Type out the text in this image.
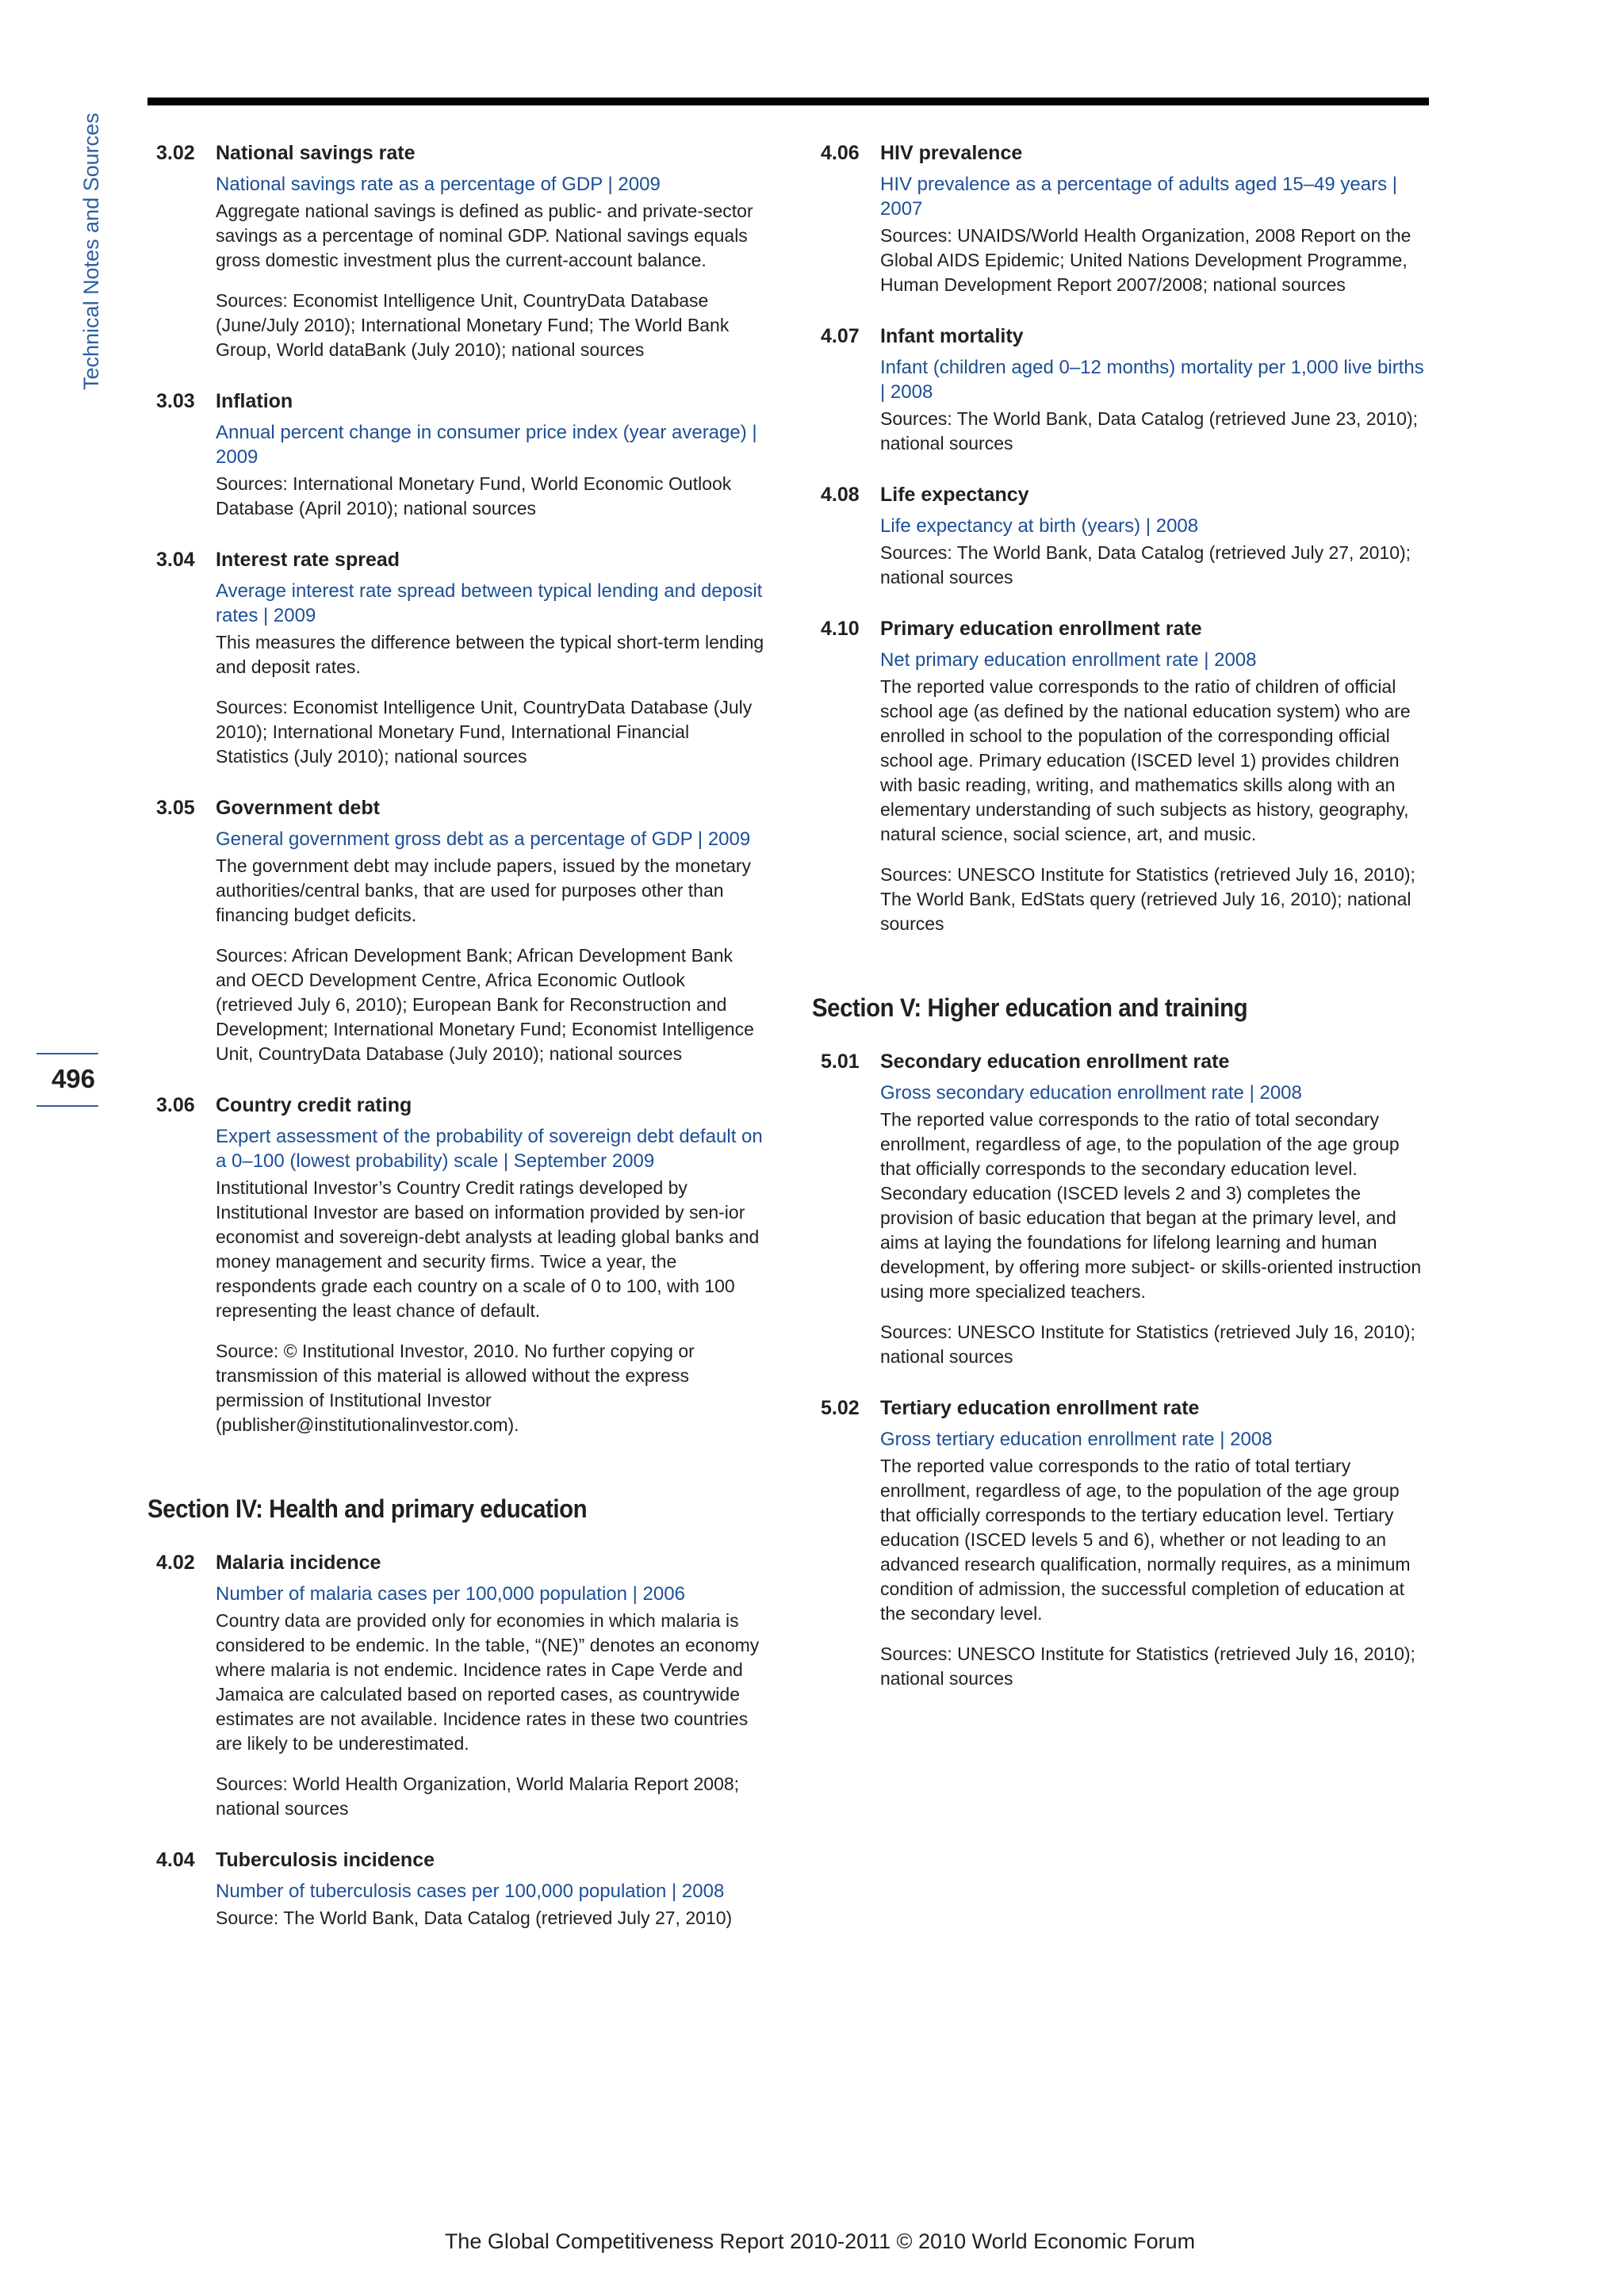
Technical Notes and Sources
496
3.02 National savings rate
National savings rate as a percentage of GDP | 2009
Aggregate national savings is defined as public- and private-sector savings as a percentage of nominal GDP. National savings equals gross domestic investment plus the current-account balance.
Sources: Economist Intelligence Unit, CountryData Database (June/July 2010); International Monetary Fund; The World Bank Group, World dataBank (July 2010); national sources
3.03 Inflation
Annual percent change in consumer price index (year average) | 2009
Sources: International Monetary Fund, World Economic Outlook Database (April 2010); national sources
3.04 Interest rate spread
Average interest rate spread between typical lending and deposit rates | 2009
This measures the difference between the typical short-term lending and deposit rates.
Sources: Economist Intelligence Unit, CountryData Database (July 2010); International Monetary Fund, International Financial Statistics (July 2010); national sources
3.05 Government debt
General government gross debt as a percentage of GDP | 2009
The government debt may include papers, issued by the monetary authorities/central banks, that are used for purposes other than financing budget deficits.
Sources: African Development Bank; African Development Bank and OECD Development Centre, Africa Economic Outlook (retrieved July 6, 2010); European Bank for Reconstruction and Development; International Monetary Fund; Economist Intelligence Unit, CountryData Database (July 2010); national sources
3.06 Country credit rating
Expert assessment of the probability of sovereign debt default on a 0–100 (lowest probability) scale | September 2009
Institutional Investor’s Country Credit ratings developed by Institutional Investor are based on information provided by sen-ior economist and sovereign-debt analysts at leading global banks and money management and security firms. Twice a year, the respondents grade each country on a scale of 0 to 100, with 100 representing the least chance of default.
Source: © Institutional Investor, 2010. No further copying or transmission of this material is allowed without the express permission of Institutional Investor (publisher@institutionalinvestor.com).
Section IV: Health and primary education
4.02 Malaria incidence
Number of malaria cases per 100,000 population | 2006
Country data are provided only for economies in which malaria is considered to be endemic. In the table, “(NE)” denotes an economy where malaria is not endemic. Incidence rates in Cape Verde and Jamaica are calculated based on reported cases, as countrywide estimates are not available. Incidence rates in these two countries are likely to be underestimated.
Sources: World Health Organization, World Malaria Report 2008; national sources
4.04 Tuberculosis incidence
Number of tuberculosis cases per 100,000 population | 2008
Source: The World Bank, Data Catalog (retrieved July 27, 2010)
4.06 HIV prevalence
HIV prevalence as a percentage of adults aged 15–49 years | 2007
Sources: UNAIDS/World Health Organization, 2008 Report on the Global AIDS Epidemic; United Nations Development Programme, Human Development Report 2007/2008; national sources
4.07 Infant mortality
Infant (children aged 0–12 months) mortality per 1,000 live births | 2008
Sources: The World Bank, Data Catalog (retrieved June 23, 2010); national sources
4.08 Life expectancy
Life expectancy at birth (years) | 2008
Sources: The World Bank, Data Catalog (retrieved July 27, 2010); national sources
4.10 Primary education enrollment rate
Net primary education enrollment rate | 2008
The reported value corresponds to the ratio of children of official school age (as defined by the national education system) who are enrolled in school to the population of the corresponding official school age. Primary education (ISCED level 1) provides children with basic reading, writing, and mathematics skills along with an elementary understanding of such subjects as history, geography, natural science, social science, art, and music.
Sources: UNESCO Institute for Statistics (retrieved July 16, 2010); The World Bank, EdStats query (retrieved July 16, 2010); national sources
Section V: Higher education and training
5.01 Secondary education enrollment rate
Gross secondary education enrollment rate | 2008
The reported value corresponds to the ratio of total secondary enrollment, regardless of age, to the population of the age group that officially corresponds to the secondary education level. Secondary education (ISCED levels 2 and 3) completes the provision of basic education that began at the primary level, and aims at laying the foundations for lifelong learning and human development, by offering more subject- or skills-oriented instruction using more specialized teachers.
Sources: UNESCO Institute for Statistics (retrieved July 16, 2010); national sources
5.02 Tertiary education enrollment rate
Gross tertiary education enrollment rate | 2008
The reported value corresponds to the ratio of total tertiary enrollment, regardless of age, to the population of the age group that officially corresponds to the tertiary education level. Tertiary education (ISCED levels 5 and 6), whether or not leading to an advanced research qualification, normally requires, as a minimum condition of admission, the successful completion of education at the secondary level.
Sources: UNESCO Institute for Statistics (retrieved July 16, 2010); national sources
The Global Competitiveness Report 2010-2011 © 2010 World Economic Forum
